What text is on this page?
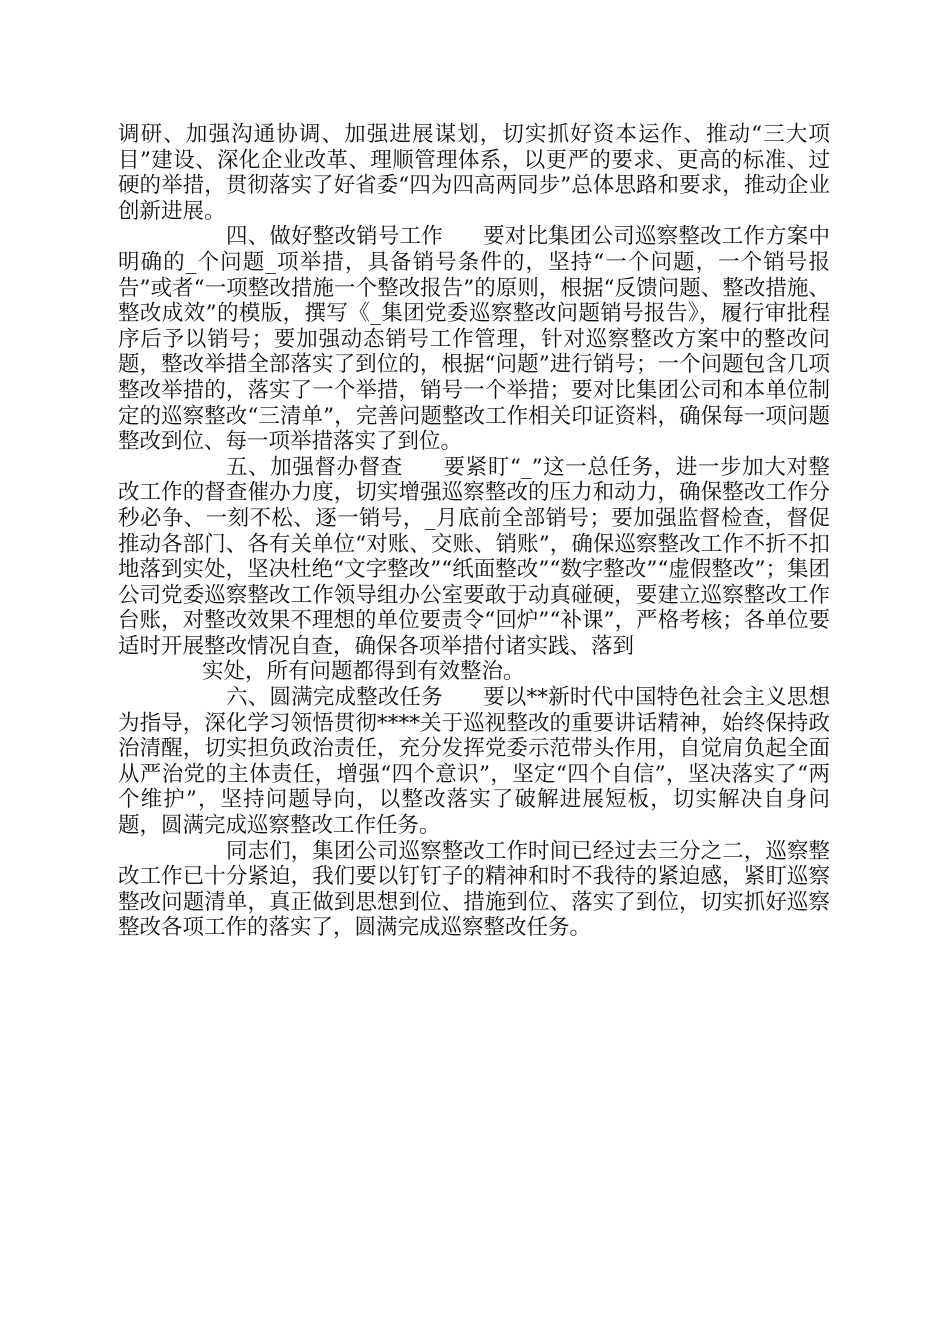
调研、加强沟通协调、加强进展谋划，切实抓好资本运作、推动“三大项目”建设、深化企业改革、理顺管理体系，以更严的要求、更高的标准、过硬的举措，贯彻落实了好省委“四为四高两同步”总体思路和要求，推动企业创新进展。

四、做好整改销号工作 要对比集团公司巡察整改工作方案中明确的_个问题_项举措，具备销号条件的，坚持“一个问题，一个销号报告”或者“一项整改措施一个整改报告”的原则，根据“反馈问题、整改措施、整改成效”的模版，撰写《_集团党委巡察整改问题销号报告》，履行审批程序后予以销号；要加强动态销号工作管理，针对巡察整改方案中的整改问题，整改举措全部落实了到位的，根据“问题”进行销号；一个问题包含几项整改举措的，落实了一个举措，销号一个举措；要对比集团公司和本单位制定的巡察整改“三清单”，完善问题整改工作相关印证资料，确保每一项问题整改到位、每一项举措落实了到位。

五、加强督办督查 要紧盯“_”这一总任务，进一步加大对整改工作的督查催办力度，切实增强巡察整改的压力和动力，确保整改工作分秒必争、一刻不松、逐一销号，_月底前全部销号；要加强监督检查，督促推动各部门、各有关单位“对账、交账、销账”，确保巡察整改工作不折不扣地落到实处，坚决杜绝“文字整改”“纸面整改”“数字整改”“虚假整改”；集团公司党委巡察整改工作领导组办公室要敢于动真碰硬，要建立巡察整改工作台账，对整改效果不理想的单位要责令“回炉”“补课”，严格考核；各单位要适时开展整改情况自查，确保各项举措付诸实践、落到

实处，所有问题都得到有效整治。

六、圆满完成整改任务 要以**新时代中国特色社会主义思想为指导，深化学习领悟贯彻****关于巡视整改的重要讲话精神，始终保持政治清醒，切实担负政治责任，充分发挥党委示范带头作用，自觉肩负起全面从严治党的主体责任，增强“四个意识”，坚定“四个自信”，坚决落实了“两个维护”，坚持问题导向，以整改落实了破解进展短板，切实解决自身问题，圆满完成巡察整改工作任务。

同志们，集团公司巡察整改工作时间已经过去三分之二，巡察整改工作已十分紧迫，我们要以钉钉子的精神和时不我待的紧迫感，紧盯巡察整改问题清单，真正做到思想到位、措施到位、落实了到位，切实抓好巡察整改各项工作的落实了，圆满完成巡察整改任务。
